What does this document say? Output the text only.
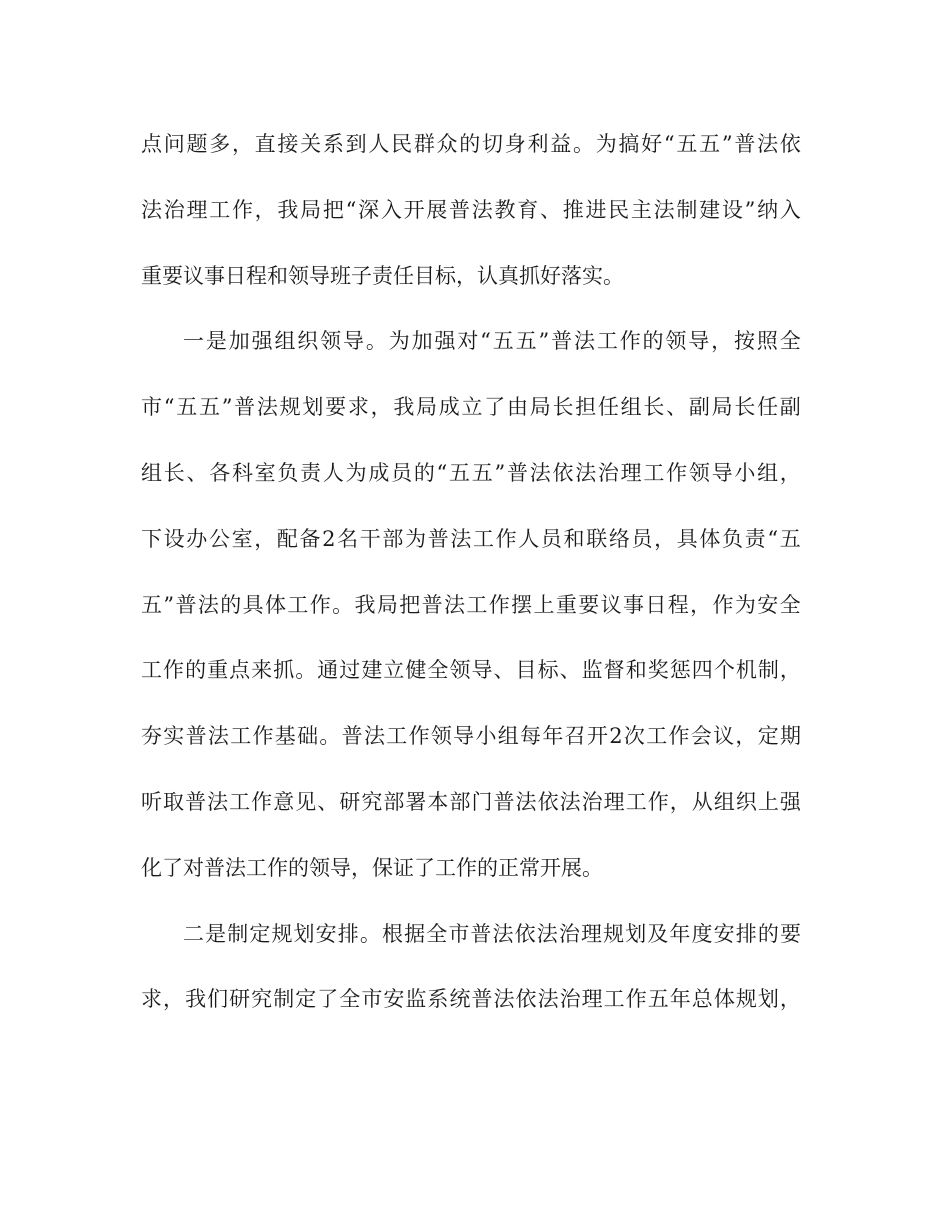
点 问 题 多 ， 直 接 关 系 到 人 民 群 众 的 切 身 利 益 。 为 搞 好 “ 五 五 ” 普 法 依
法 治 理 工 作 ， 我 局 把 “ 深 入 开 展 普 法 教 育 、 推 进 民 主 法 制 建 设 ” 纳 入
重要议事日程和领导班子责任目标，认真抓好落实。
一 是 加 强 组 织 领 导 。 为 加 强 对 “ 五 五 ” 普 法 工 作 的 领 导 ， 按 照 全
市 “ 五 五 ” 普 法 规 划 要 求 ， 我 局 成 立 了 由 局 长 担 任 组 长 、 副 局 长 任 副
组 长 、 各 科 室 负 责 人 为 成 员 的 “ 五 五 ” 普 法 依 法 治 理 工 作 领 导 小 组 ，
下 设 办 公 室 ， 配 备 2 名 干 部 为 普 法 工 作 人 员 和 联 络 员 ， 具 体 负 责 “ 五
五 ” 普 法 的 具 体 工 作 。 我 局 把 普 法 工 作 摆 上 重 要 议 事 日 程 ， 作 为 安 全
工 作 的 重 点 来 抓 。 通 过 建 立 健 全 领 导 、 目 标 、 监 督 和 奖 惩 四 个 机 制 ，
夯 实 普 法 工 作 基 础 。 普 法 工 作 领 导 小 组 每 年 召 开 2 次 工 作 会 议 ， 定 期
听 取 普 法 工 作 意 见 、 研 究 部 署 本 部 门 普 法 依 法 治 理 工 作 ， 从 组 织 上 强
化了对普法工作的领导，保证了工作的正常开展。
二 是 制 定 规 划 安 排 。 根 据 全 市 普 法 依 法 治 理 规 划 及 年 度 安 排 的 要
求 ， 我 们 研 究 制 定 了 全 市 安 监 系 统 普 法 依 法 治 理 工 作 五 年 总 体 规 划 ，
